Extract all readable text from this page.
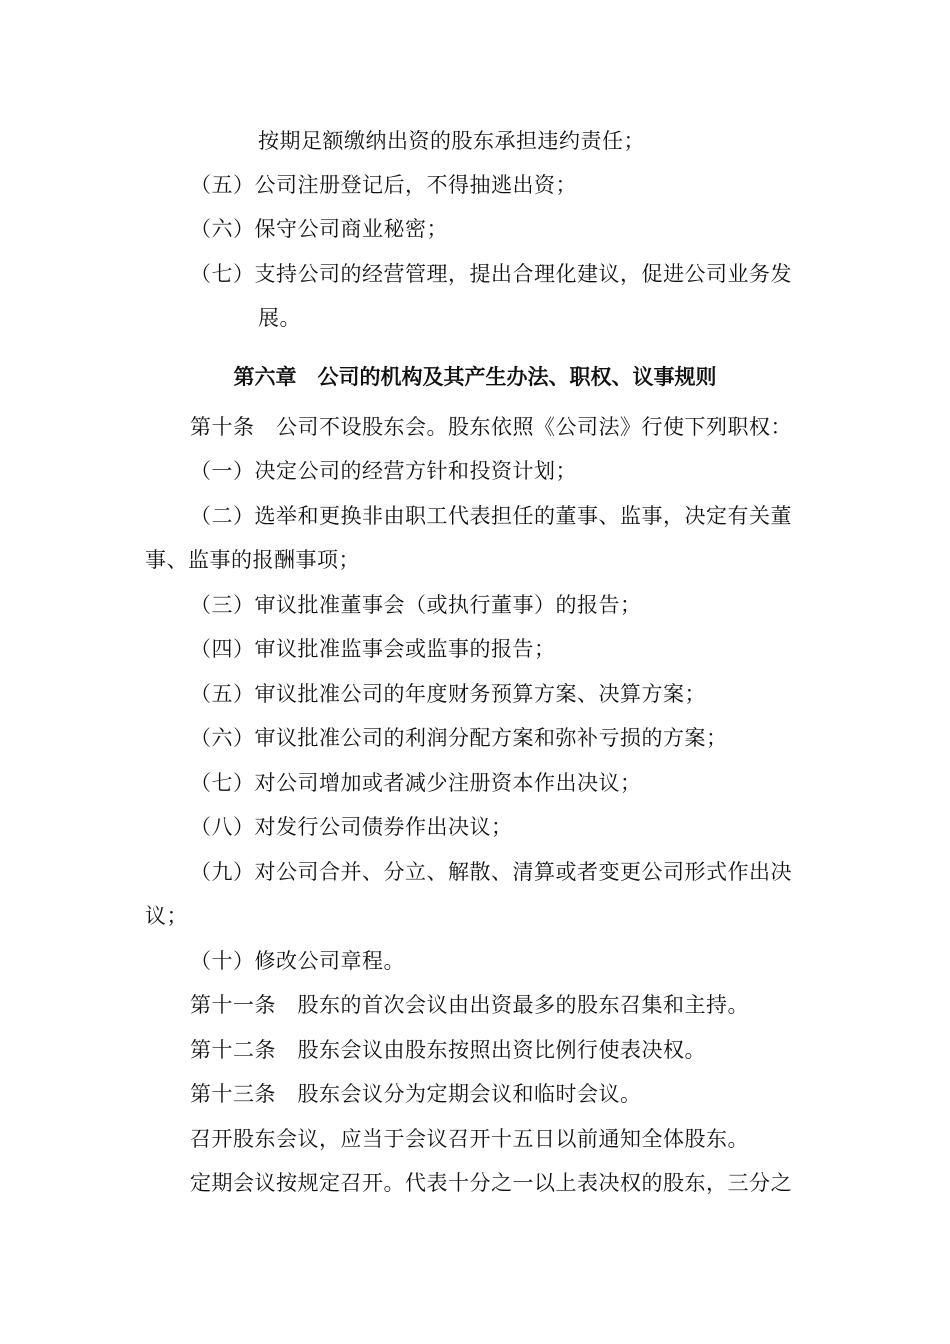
按期足额缴纳出资的股东承担违约责任；
（五）公司注册登记后，不得抽逃出资；
（六）保守公司商业秘密；
（七）支持公司的经营管理，提出合理化建议，促进公司业务发
展。
第六章　公司的机构及其产生办法、职权、议事规则
第十条　公司不设股东会。股东依照《公司法》行使下列职权：
（一）决定公司的经营方针和投资计划；
（二）选举和更换非由职工代表担任的董事、监事，决定有关董
事、监事的报酬事项；
（三）审议批准董事会（或执行董事）的报告；
（四）审议批准监事会或监事的报告；
（五）审议批准公司的年度财务预算方案、决算方案；
（六）审议批准公司的利润分配方案和弥补亏损的方案；
（七）对公司增加或者减少注册资本作出决议；
（八）对发行公司债券作出决议；
（九）对公司合并、分立、解散、清算或者变更公司形式作出决
议；
（十）修改公司章程。
第十一条　股东的首次会议由出资最多的股东召集和主持。
第十二条　股东会议由股东按照出资比例行使表决权。
第十三条　股东会议分为定期会议和临时会议。
召开股东会议，应当于会议召开十五日以前通知全体股东。
定期会议按规定召开。代表十分之一以上表决权的股东，三分之
